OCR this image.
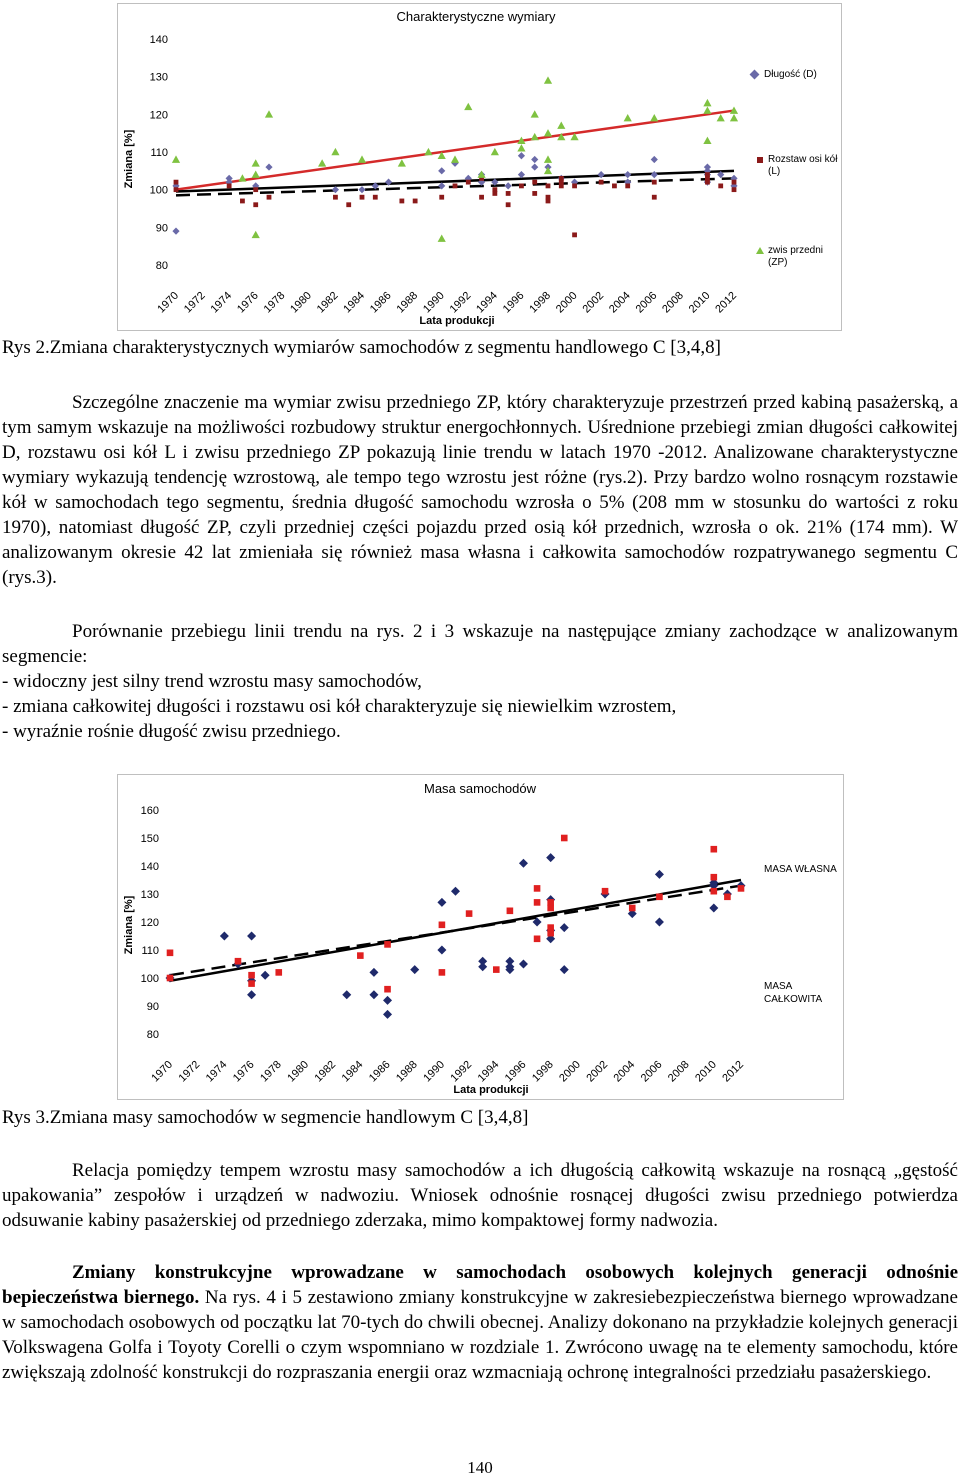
Charakterystyczne wymiary
Zmiana [%]
Lata produkcji
80
90
100
110
120
130
140
1970 1972 1974 1976 1978 1980 1982 1984 1986 1988 1990 1992 1994 1996 1998 2000 2002 2004 2006 2008 2010 2012
Długość (D)
Rozstaw osi kół (L)
zwis przedni (ZP)
Rys 2.Zmiana charakterystycznych wymiarów samochodów z segmentu handlowego C [3,4,8]

Szczególne znaczenie ma wymiar zwisu przedniego ZP, który charakteryzuje przestrzeń przed kabiną pasażerską, a tym samym wskazuje na możliwości rozbudowy struktur energochłonnych. Uśrednione przebiegi zmian długości całkowitej D, rozstawu osi kół L i zwisu przedniego ZP pokazują linie trendu w latach 1970 -2012. Analizowane charakterystyczne wymiary wykazują tendencję wzrostową, ale tempo tego wzrostu jest różne (rys.2). Przy bardzo wolno rosnącym rozstawie kół w samochodach tego segmentu, średnia długość samochodu wzrosła o 5% (208 mm w stosunku do wartości z roku 1970), natomiast długość ZP, czyli przedniej części pojazdu przed osią kół przednich, wzrosła o ok. 21% (174 mm). W analizowanym okresie 42 lat zmieniała się również masa własna i całkowita samochodów rozpatrywanego segmentu C (rys.3).

Porównanie przebiegu linii trendu na rys. 2 i 3 wskazuje na następujące zmiany zachodzące w analizowanym segmencie:

- widoczny jest silny trend wzrostu masy samochodów,
- zmiana całkowitej długości i rozstawu osi kół charakteryzuje się niewielkim wzrostem,
- wyraźnie rośnie długość zwisu przedniego.
Masa samochodów
Zmiana [%]
Lata produkcji
80
90
100
110
120
130
140
150
160
1970 1972 1974 1976 1978 1980 1982 1984 1986 1988 1990 1992 1994 1996 1998 2000 2002 2004 2006 2008 2010 2012
MASA WŁASNA
MASA CAŁKOWITA
Rys 3.Zmiana masy samochodów w segmencie handlowym C [3,4,8]

Relacja pomiędzy tempem wzrostu masy samochodów a ich długością całkowitą wskazuje na rosnącą „gęstość upakowania” zespołów i urządzeń w nadwoziu. Wniosek odnośnie rosnącej długości zwisu przedniego potwierdza odsuwanie kabiny pasażerskiej od przedniego zderzaka, mimo kompaktowej formy nadwozia.

Zmiany konstrukcyjne wprowadzane w samochodach osobowych kolejnych generacji odnośnie bepieczeństwa biernego. Na rys. 4 i 5 zestawiono zmiany konstrukcyjne w zakresiebezpieczeństwa biernego wprowadzane w samochodach osobowych od początku lat 70-tych do chwili obecnej. Analizy dokonano na przykładzie kolejnych generacji Volkswagena Golfa i Toyoty Corelli o czym wspomniano w rozdziale 1. Zwrócono uwagę na te elementy samochodu, które zwiększają zdolność konstrukcji do rozpraszania energii oraz wzmacniają ochronę integralności przedziału pasażerskiego.

140
